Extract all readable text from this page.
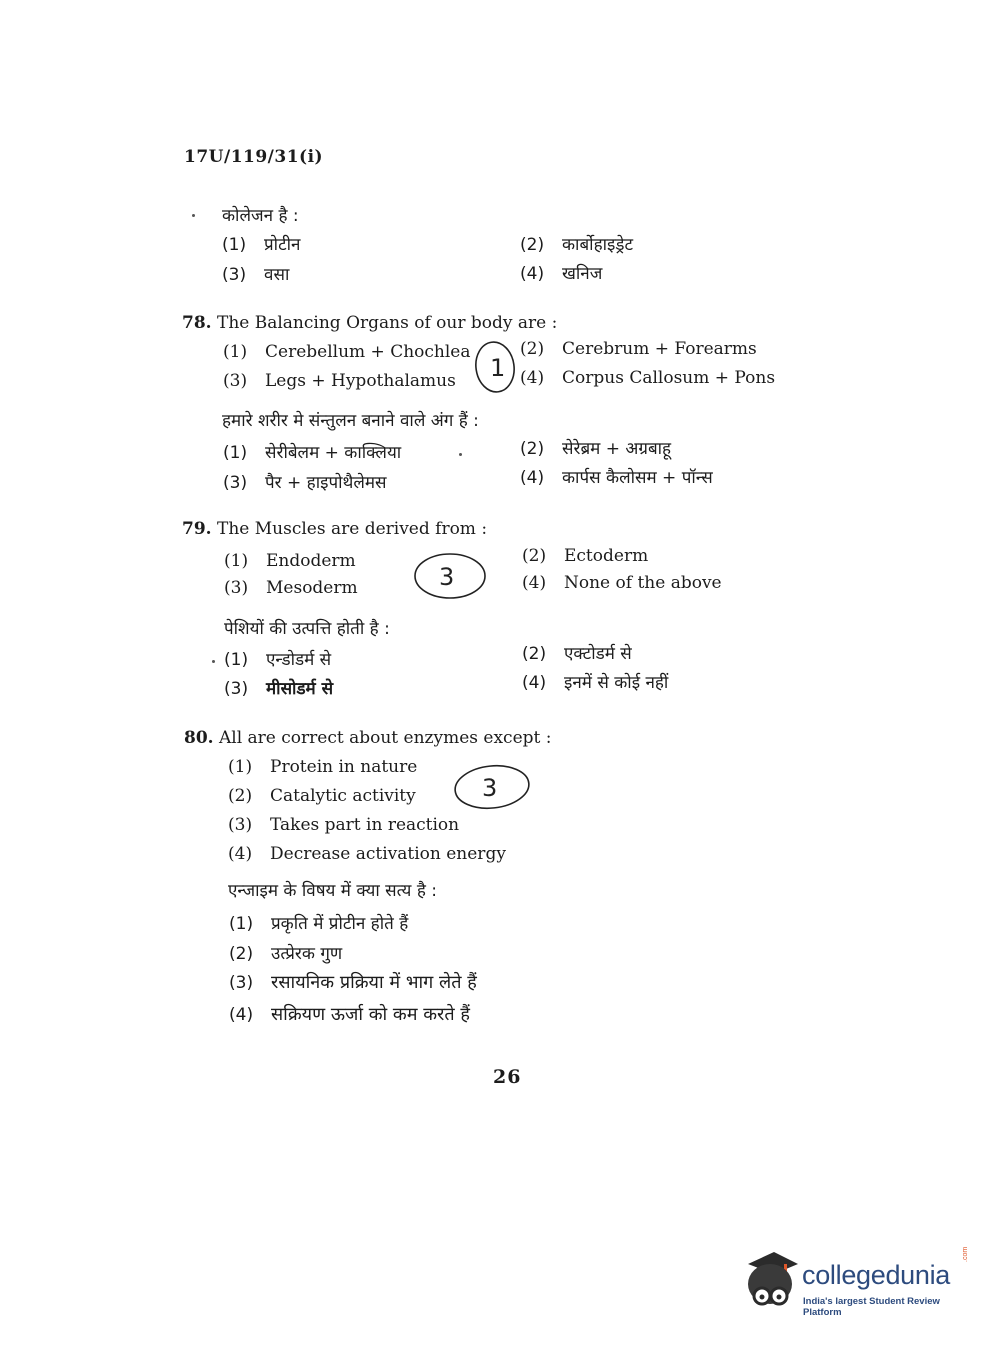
17U/119/31(i)
कोलेजन है :
(1) प्रोटीन	(2) कार्बोहाइड्रेट
(3) वसा	(4) खनिज
78. The Balancing Organs of our body are :
(1) Cerebellum + Chochlea	(2) Cerebrum + Forearms
(3) Legs + Hypothalamus	(4) Corpus Callosum + Pons
1
हमारे शरीर मे संन्तुलन बनाने वाले अंग हैं :
(1) सेरीबेलम + काक्लिया	(2) सेरेब्रम + अग्रबाहू
(3) पैर + हाइपोथैलेमस	(4) कार्पस कैलोसम + पॉन्स
79. The Muscles are derived from :
(1) Endoderm	(2) Ectoderm
(3) Mesoderm	(4) None of the above
3
पेशियों की उत्पत्ति होती है :
(1) एन्डोडर्म से	(2) एक्टोडर्म से
(3) मीसोडर्म से	(4) इनमें से कोई नहीं
80. All are correct about enzymes except :
(1) Protein in nature
(2) Catalytic activity
(3) Takes part in reaction
(4) Decrease activation energy
3
एन्जाइम के विषय में क्या सत्य है :
(1) प्रकृति में प्रोटीन होते हैं
(2) उत्प्रेरक गुण
(3) रसायनिक प्रक्रिया में भाग लेते हैं
(4) सक्रियण ऊर्जा को कम करते हैं
26
collegedunia
.com
India's largest Student Review Platform
